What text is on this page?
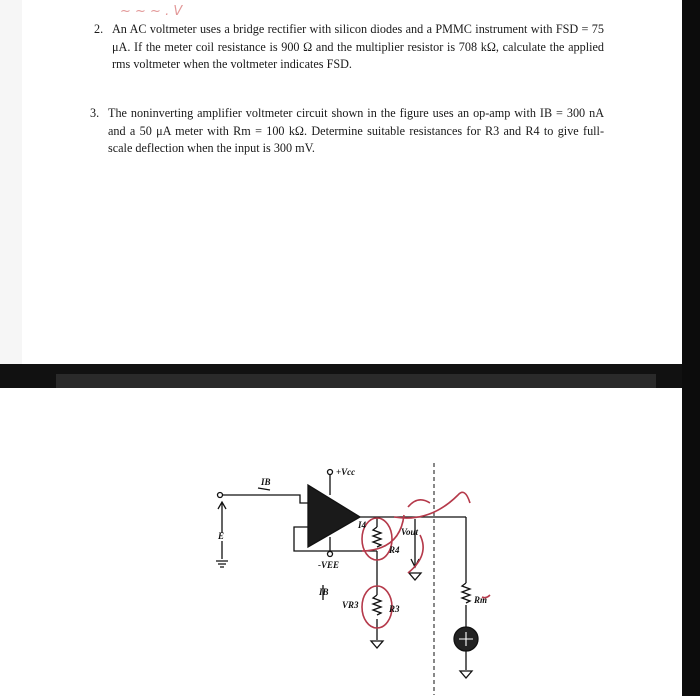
~ ~ ~ . V
2. An AC voltmeter uses a bridge rectifier with silicon diodes and a PMMC instrument with FSD = 75 μA. If the meter coil resistance is 900 Ω and the multiplier resistor is 708 kΩ, calculate the applied rms voltmeter when the voltmeter indicates FSD.
3. The noninverting amplifier voltmeter circuit shown in the figure uses an op-amp with IB = 300 nA and a 50 μA meter with Rm = 100 kΩ. Determine suitable resistances for R3 and R4 to give full-scale deflection when the input is 300 mV.
+Vcc
-VEE
IB
IB
E
I4
R4
Vout
VR3	R3
Rm
